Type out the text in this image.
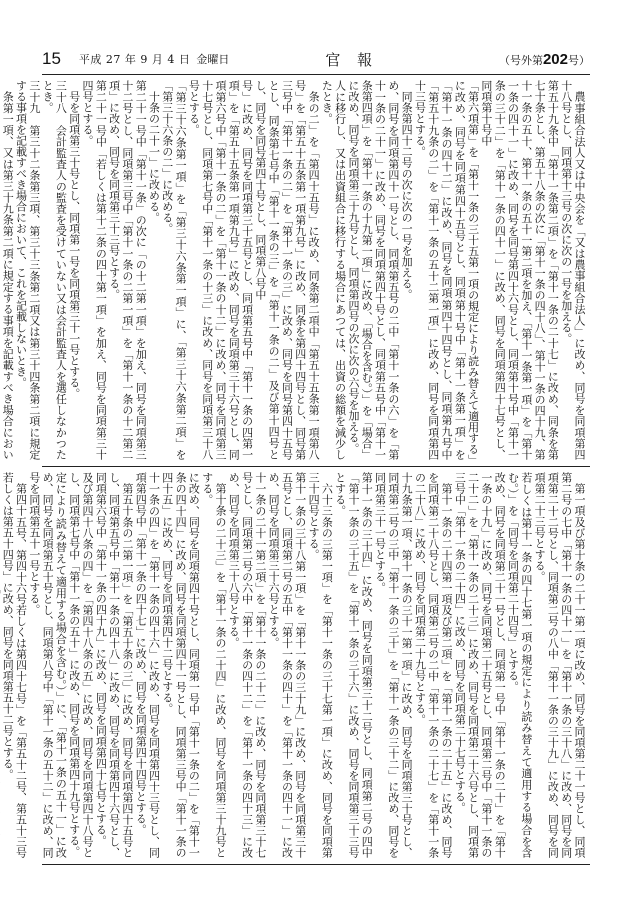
15 平成 27 年 9 月 4 日 金曜日	官 報	（号外第202号）

農事組合法人又は中央会を「又は農事組合法人」に改め、同号を同項第四十八号とし、同項第十三号の次に次の一号を加える。

第五十九条中「第十一条第二項」を「第十一条の二十七」に改め、同条を第七十条とし、第五十八条の次に「第十一条の四十八」、第十一条の四十九、第十一条の五十、第十一条の五十一第二項を加え、「第十一条第一項」を「第十一条の四十一」に改め、同号を同号第四十六号とし、同項第十号中「第十一条の三十二」を「第十一条の四十一」に改め、同号を同項第四十七号とし、同項第十号中

「第六項第」を「第十一条の三十五第一項の規定により読み替えて適用する」に改め、同号を同項第四十五号とし、同項第十号中「第十一条第一項」を「第十一条の四十二」に改め、同号を同項第四十四号とし、同項第九号中「第五十九条の二」を「第十一条の五十二第一項」に改め、同号を同項第四十三号とする。

同条第四十二号の次に次の一号を加える。

め、同号を同項第四十一号とし、同項第五号の二中「第十一条の六」を「第十一条の二十一」に改め、同号を同項第四十号とし、同項第五号中「第十一条第四項」を「第十一条の十九第一項」に改め、「場合を含む。）」を「場合」に改め、同号を同項第三十九号とし、同項第四号の次に次の六号を加える。

人に移行し、又は出資組合に移行する場合にあつては、出資の総額を減少したとき。

条の二」を「第四十五号」に改め、同条第二項中「第五十五条第一項第八号」を「第五十五条第一項第九号」に改め、同条を第四十四号とし、同号第三号中「第十一条の二」を「第十一条の三」に改め、同号を同号第四十五号とし、同条第七号中「第十一条の三」を「第十一条の二」及び第十四号とし、同号を同号第四十号とし、同項第八号中

号」に改め、同号を同項第三十五号とし、同項第五号中「第十一条の四第一項」を「第五十五条第一項第九号」に改め、同号を同項第三十六号とし、同項第六号中「第十一条の二」を「第十一条の十二」に改め、同号を同項第三十七号とし、同項第七号中「第十一条の十三」に改め、同号を同項第三十八号とする。

「第三十六条第一項」を「第三十六条第一項」に、「第三十六条第二項」を「第三十六条の二」に改める。

十条の二十一」に改める。

第二十一号中「第十一条」の次に「の十二第一項」を加え、同号を同項第三十二号とし、同項第三号中「第十一条の二第一項」を「第十一条の十二第二項」に改め、同号を同項第三十三号とする。

第二十一号中「若しくは第十二条の四十第一項」を加え、同号を同項第三十四号とする。

号を同項第三十号とし、同項第一号を同項第三十一号とする。

三十八　会計監査人の監査を受けていない又は会計監査人を選任しなかつたとき。

三十九　第三十二条第三項、第三十三条第二項又は第三十四条第二項に規定する事項を記載すべき場合において、これを記載しないとき。

条第一項、又は第三十九条第二項に規定する事項を記載すべき場合におい

第一項及び第十条の二十一第一項に改め、同号を同項第二十一号とし、同項第二号の七中「第十一条の四十一」を「第十一条の三十八」に改め、同号を同項第二十二号とし、同項第二号の八中「第十一条の三十九」に改め、同号を同項第二十三号とする。

若しくは第十一条の四十七第一項の規定により読み替えて適用する場合を含む。）」を「同号を同項第二十四号」とする。

改め、同号を同項第二十一号とし、同項第一号中「第十一条の二十」を「第十一条の十九」に改め、同号を同項第二十五号とし、同項第二号中「第十一条の二十二」を「第十一条の二十三」に改め、同号を同項第二十六号とし、同項第三号中「第十一条の二十四」に改め、同号を同項第二十七号とする。

第十一条の二十四第一項及び第二項」を「第十一条の二十五」に改め、同号を同項第二十八号とし、同項第二号の二中「第十一条の二十七」を「第十一条の二十八」に改め、同号を同項第二十九号とする。

十九条第一項、第十一条の三十一第一項」に改め、同号を同項第三十号とし、同項第二号の三中「第十一条の三十」を「第十一条の三十二」に改め、同号を同項第三十一号とする。

第十一条の三十四」に改め、同号を同項第三十二号とし、同項第二号の四中「第十一条の三十五」を「第十一条の三十六」に改め、同号を同項第三十三号とする。

六十三条の三第一項」を「第十一条の三十七第一項」に改め、同号を同項第三十四号とする。

第十一条の三十八第一項」を「第十一条の三十九」に改め、同号を同項第三十五号とし、同項第二号の五中「第十一条の四十」を「第十一条の四十一」に改め、同号を同項第三十六号とする。

十一条の二十一第二項」を「第十一条の二十二」に改め、同号を同項第三十七号とし、同項第二号の六中「第十一条の四十二」を「第十一条の四十三」に改め、同号を同項第三十八号とする。

第十条の二十三」を「第十一条の二十四」に改め、同号を同項第三十九号とする。

に改め、同号を同項第四十号とし、同項第一号中「第十一条の二」を「第十一条の四十四」に改め、同号を同項第四十一号とし、同項第三号中「第十一条の四十五」に改め、同号を同項第四十二号とする。

十一条の四」を「第十一条の四十六」に改め、同号を同項第四十三号とし、同項第四号中「第十一条の四十七」に改め、同号を同項第四十四号とする。

第五十条の二第一項」を「第五十条の三」に改め、同号を同項第四十五号とし、同項第五号中「第十一条の四十八」に改め、同号を同項第四十六号とし、同項第六号中「第十一条の四十九」に改め、同号を同項第四十七号とする。

及び第四十八条の四」を「第四十八条の五」に改め、同号を同項第四十八号とし、同項第七号中「第十一条の五十」に改め、同号を同項第四十九号とする。

定により読み替えて適用する場合を含む。）」に、「第十一条の五十一」に改め、同号を同項第五十号とし、同項第八号中「第十一条の五十二」に改め、同号を同項第五十一号とする。

第四十五号、第四十六号若しくは第四十七号」を「第五十二号、第五十三号若しくは第五十四号」に改め、同号を同項第五十二号とする。
